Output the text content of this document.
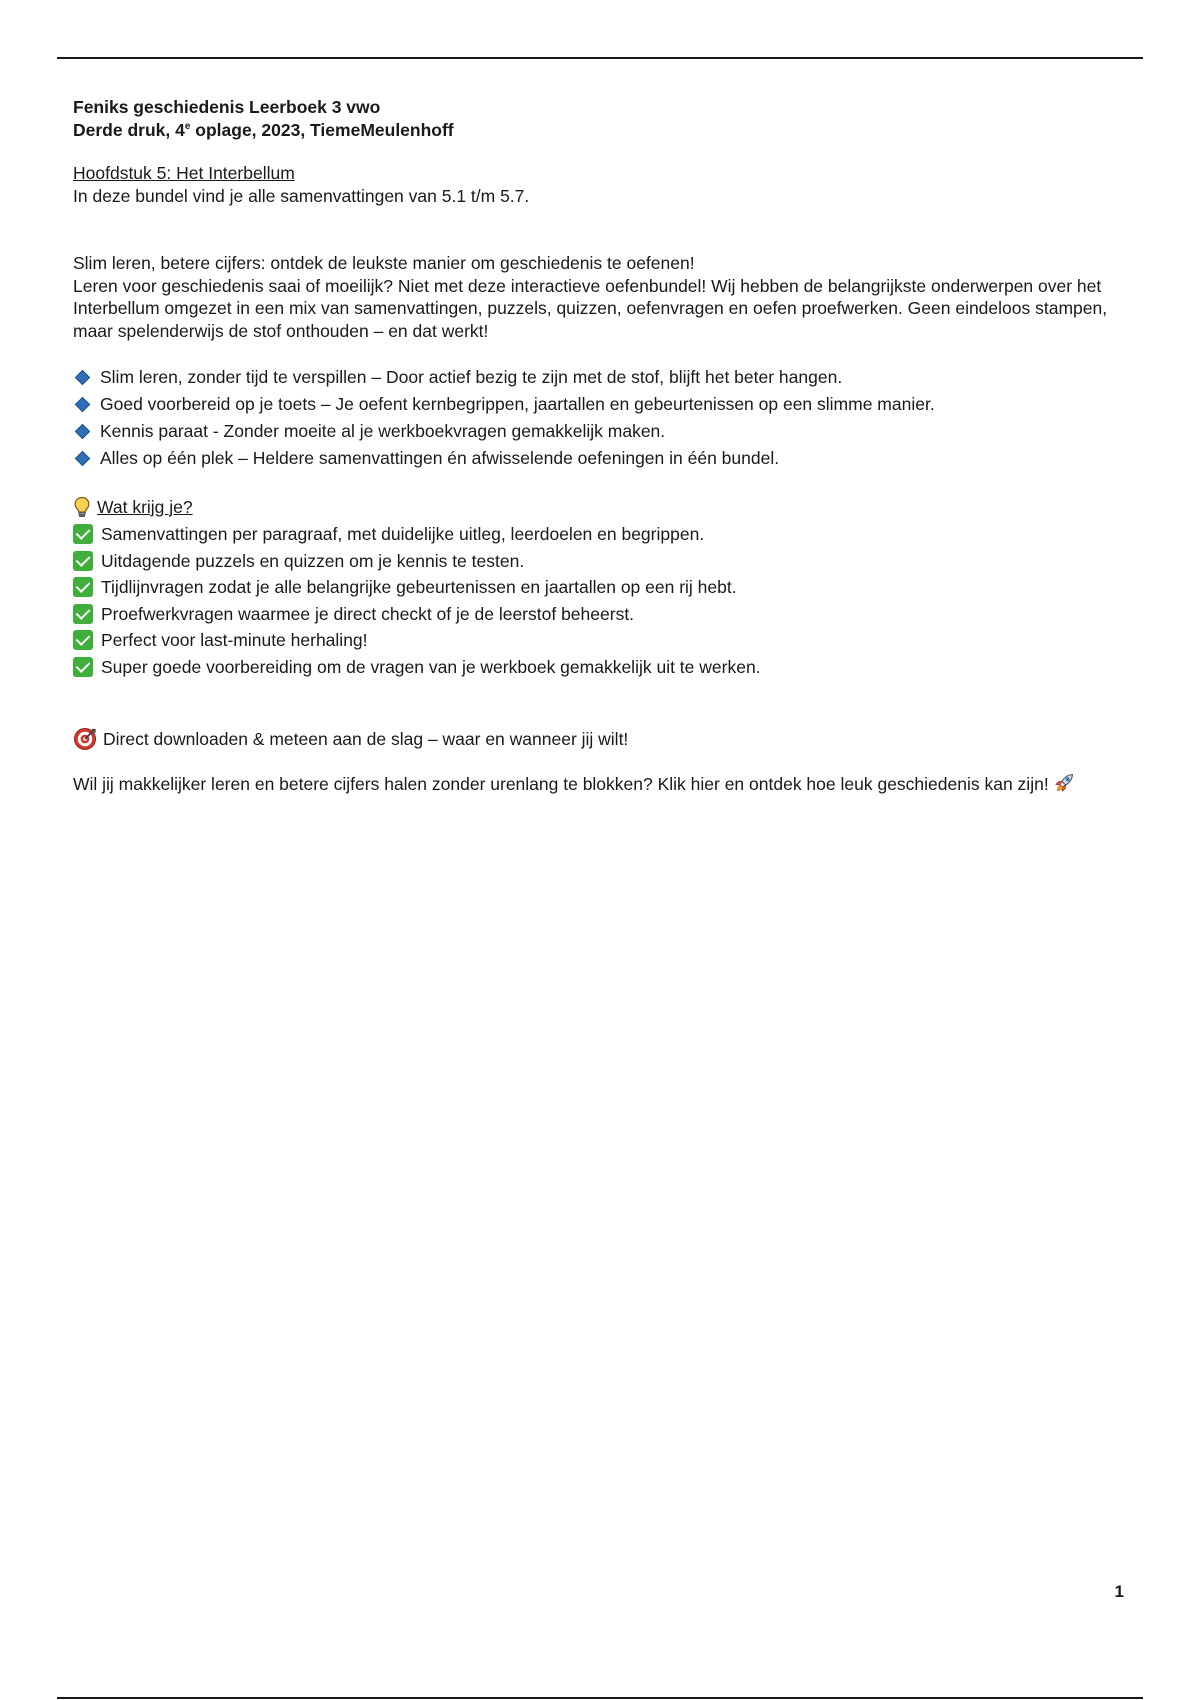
Feniks geschiedenis Leerboek 3 vwo
Derde druk, 4e oplage, 2023, TiemeMeulenhoff
Hoofdstuk 5: Het Interbellum
In deze bundel vind je alle samenvattingen van 5.1 t/m 5.7.

Slim leren, betere cijfers: ontdek de leukste manier om geschiedenis te oefenen!

Leren voor geschiedenis saai of moeilijk? Niet met deze interactieve oefenbundel! Wij hebben de belangrijkste onderwerpen over het Interbellum omgezet in een mix van samenvattingen, puzzels, quizzen, oefenvragen en oefen proefwerken. Geen eindeloos stampen, maar spelenderwijs de stof onthouden – en dat werkt!

Slim leren, zonder tijd te verspillen – Door actief bezig te zijn met de stof, blijft het beter hangen.
Goed voorbereid op je toets – Je oefent kernbegrippen, jaartallen en gebeurtenissen op een slimme manier.
Kennis paraat - Zonder moeite al je werkboekvragen gemakkelijk maken.
Alles op één plek – Heldere samenvattingen én afwisselende oefeningen in één bundel.
Wat krijg je?
Samenvattingen per paragraaf, met duidelijke uitleg, leerdoelen en begrippen.
Uitdagende puzzels en quizzen om je kennis te testen.
Tijdlijnvragen zodat je alle belangrijke gebeurtenissen en jaartallen op een rij hebt.
Proefwerkvragen waarmee je direct checkt of je de leerstof beheerst.
Perfect voor last-minute herhaling!
Super goede voorbereiding om de vragen van je werkboek gemakkelijk uit te werken.
Direct downloaden & meteen aan de slag – waar en wanneer jij wilt!

Wil jij makkelijker leren en betere cijfers halen zonder urenlang te blokken? Klik hier en ontdek hoe leuk geschiedenis kan zijn!

1
